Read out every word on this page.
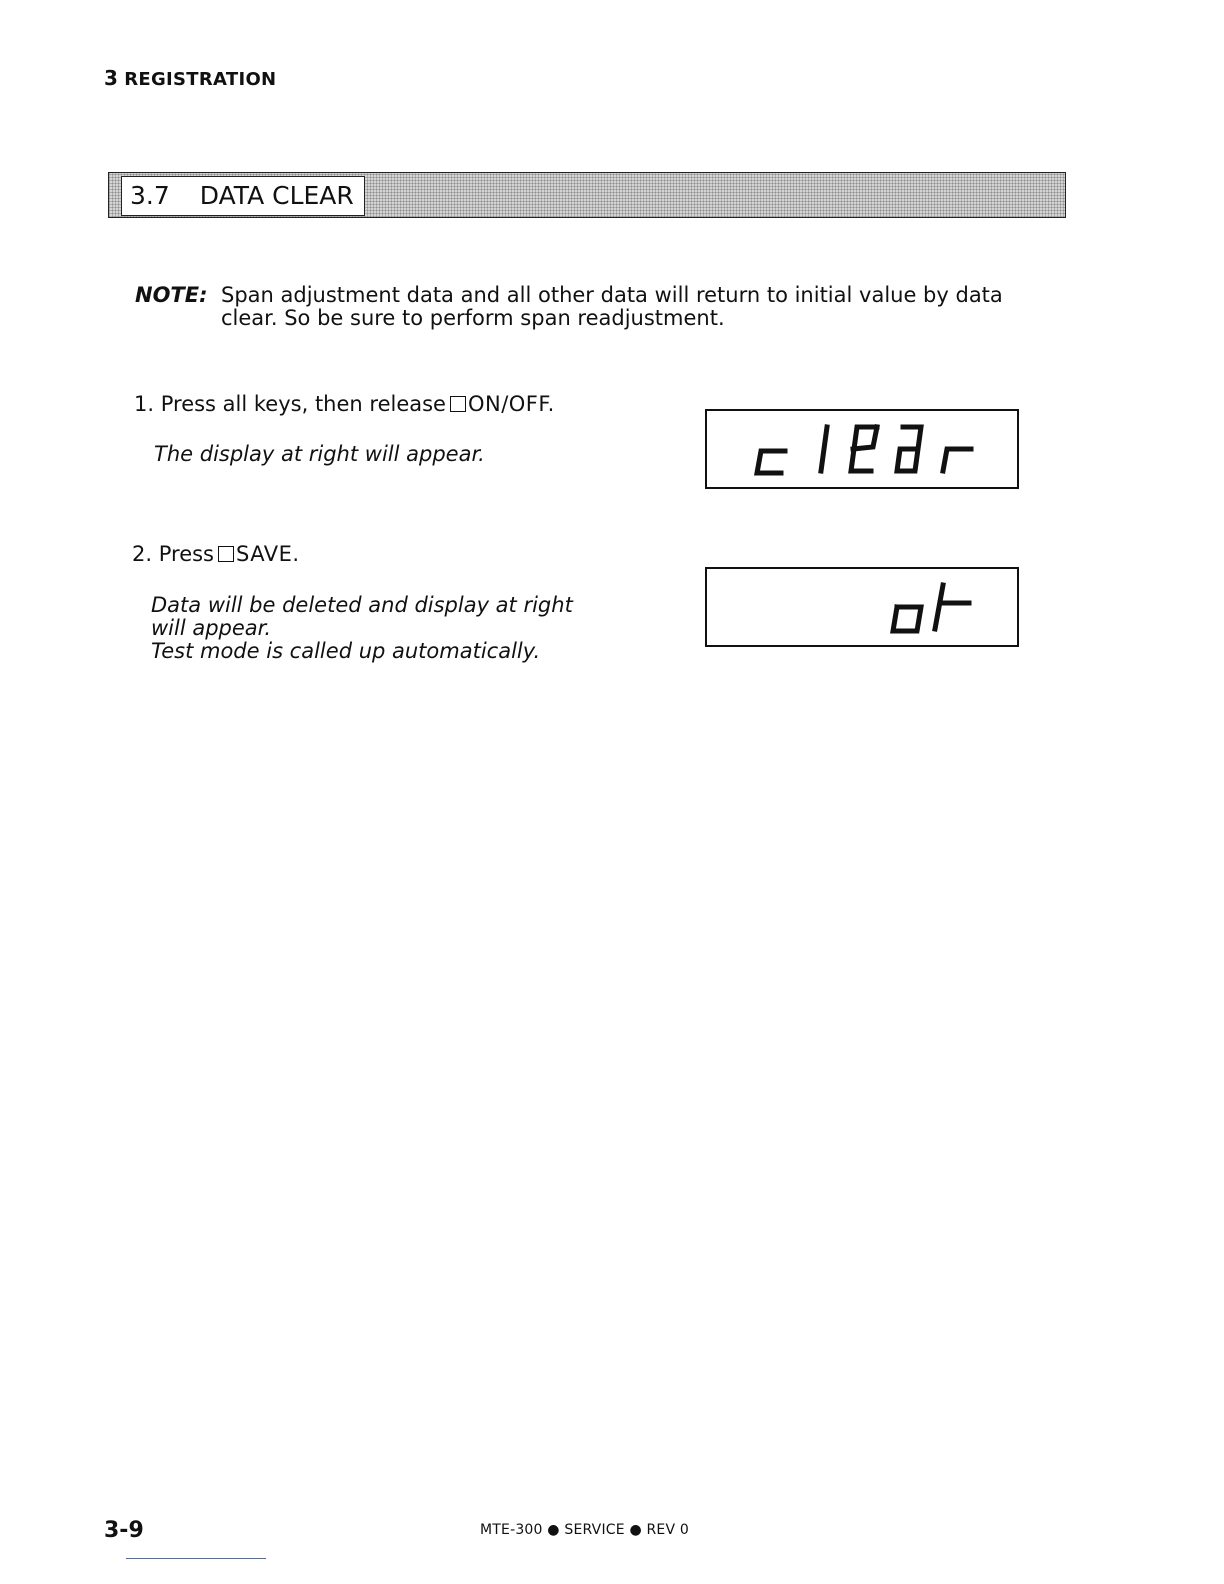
3 REGISTRATION
3.7 DATA CLEAR
NOTE: Span adjustment data and all other data will return to initial value by data clear. So be sure to perform span readjustment.
1. Press all keys, then release ON/OFF.
The display at right will appear.
2. Press SAVE.
Data will be deleted and display at right
will appear.
Test mode is called up automatically.
3-9	MTE-300 ● SERVICE ● REV 0
